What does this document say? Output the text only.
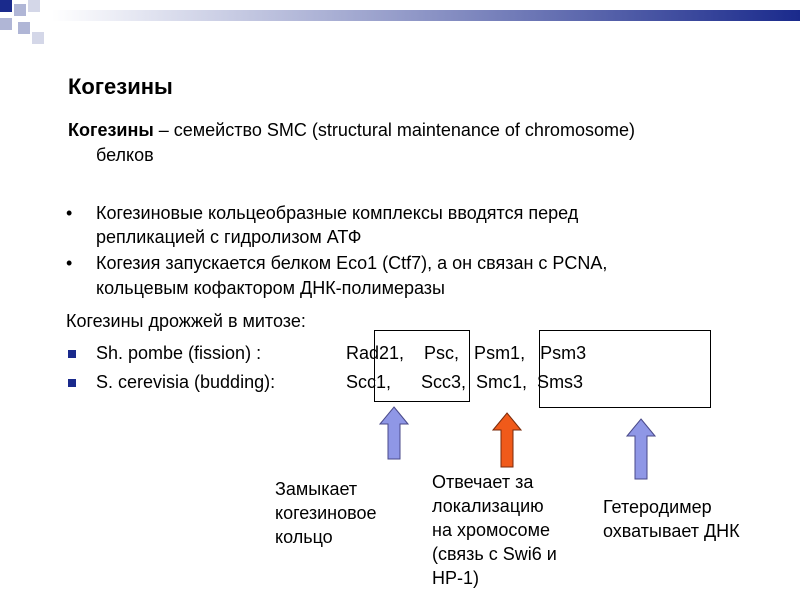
Когезины
Когезины – семейство SMC (structural maintenance of chromosome)
белков
• Когезиновые кольцеобразные комплексы вводятся перед
репликацией с гидролизом АТФ
• Когезия запускается белком Eco1 (Ctf7), а он связан с PCNA,
кольцевым кофактором ДНК-полимеразы
Когезины дрожжей в митозе:
Sh. pombe (fission) :	Rad21,    Psc,   Psm1,   Psm3
S. cerevisia (budding):	Scc1,      Scc3,  Smc1,  Sms3
Замыкает
когезиновое
кольцо
Отвечает за
локализацию
на хромосоме
(связь с Swi6 и
HP-1)
Гетеродимер
охватывает ДНК
